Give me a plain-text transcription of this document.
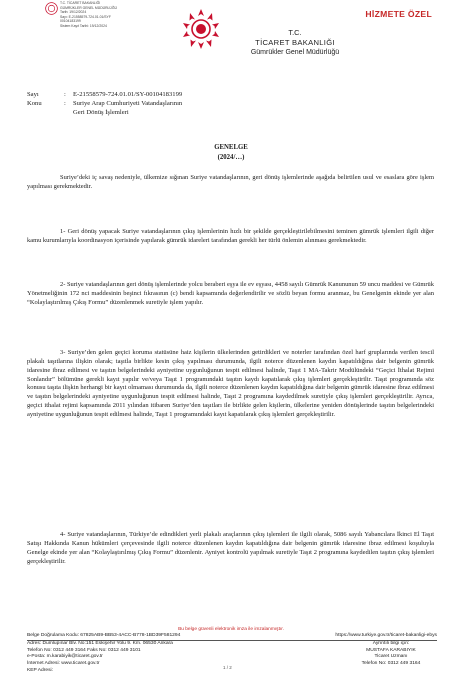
T.C. TİCARET BAKANLIĞI
GÜMRÜKLER GENEL MÜDÜRLÜĞÜ
Tarih: 19/12/2024
Sayı: E-21558579-724.01.01/SYF
00104183199
Sistem Kayıt Tarihi: 19/12/2024
HİZMETE ÖZEL
T.C.
TİCARET BAKANLIĞI
Gümrükler Genel Müdürlüğü
Sayı	:	E-21558579-724.01.01/SY-00104183199
Konu	:	Suriye Arap Cumhuriyeti Vatandaşlarının
Geri Dönüş İşlemleri
GENELGE
(2024/…)

Suriye’deki iç savaş nedeniyle, ülkemize sığınan Suriye vatandaşlarının, geri dönüş işlemlerinde aşağıda belirtilen usul ve esaslara göre işlem yapılması gerekmektedir.

1- Geri dönüş yapacak Suriye vatandaşlarının çıkış işlemlerinin hızlı bir şekilde gerçekleştirilebilmesini teminen gümrük işlemleri ilgili diğer kamu kurumlarıyla koordinasyon içerisinde yapılarak gümrük idareleri tarafından gerekli her türlü önlemin alınması gerekmektedir.

2- Suriye vatandaşlarının geri dönüş işlemlerinde yolcu beraberi eşya ile ev eşyası, 4458 sayılı Gümrük Kanununun 59 uncu maddesi ve Gümrük Yönetmeliğinin 172 nci maddesinin beşinci fıkrasının (c) bendi kapsamında değerlendirilir ve sözlü beyan formu aranmaz, bu Genelgenin ekinde yer alan “Kolaylaştırılmış Çıkış Formu” düzenlenmek suretiyle işlem yapılır.

3- Suriye’den gelen geçici koruma statüsüne haiz kişilerin ülkelerinden getirdikleri ve noterler tarafından özel harf gruplarında verilen tescil plakalı taşıtlarına ilişkin olarak; taşıtla birlikte kesin çıkış yapılması durumunda, ilgili noterce düzenlenen kaydın kapatıldığına dair belgenin gümrük idaresine ibraz edilmesi ve taşıtın belgelerindeki ayniyetine uygunluğunun tespit edilmesi halinde, Taşıt 1 MA-Takrir Modülündeki “Geçici İthalat Rejimi Sonlandır” bölümüne gerekli kayıt yapılır ve/veya Taşıt 1 programındaki taşıtın kaydı kapatılarak çıkış işlemleri gerçekleştirilir. Taşıt programında söz konusu taşıta ilişkin herhangi bir kayıt olmaması durumunda da, ilgili noterce düzenlenen kaydın kapatıldığına dair belgenin gümrük idaresine ibraz edilmesi ve taşıtın belgelerindeki ayniyetine uygunluğunun tespit edilmesi halinde, Taşıt 2 programına kaydedilmek suretiyle çıkış işlemleri gerçekleştirilir. Ayrıca, geçici ithalat rejimi kapsamında 2011 yılından itibaren Suriye’den taşıtları ile birlikte gelen kişilerin, ülkelerine yeniden dönüşlerinde taşıtın belgelerindeki ayniyetine uygunluğunun tespit edilmesi halinde, Taşıt 1 programındaki kayıt kapatılarak çıkış işlemleri gerçekleştirilir.

4- Suriye vatandaşlarının, Türkiye’de edindikleri yerli plakalı araçlarının çıkış işlemleri ile ilgili olarak, 5086 sayılı Yabancılara İkinci El Taşıt Satışı Hakkında Kanun hükümleri çerçevesinde ilgili noterce düzenlenen kaydın kapatıldığına dair belgenin gümrük idaresine ibraz edilmesi koşuluyla Genelge ekinde yer alan “Kolaylaştırılmış Çıkış Formu” düzenlenir. Ayniyet kontrolü yapılmak suretiyle Taşıt 2 programına kaydedilen taşıtın çıkış işlemleri gerçekleştirilir.

Bu belge güvenli elektronik imza ile imzalanmıştır.
Belge Doğrulama Kodu: 67825AB9-BB53-4ACC-B778-1BD39F581294	https://www.turkiye.gov.tr/ticaret-bakanligi-ebys
Adres: Dumlupınar Blv. No:151 Eskişehir Yolu 9. Km. 06530 Ankara
Telefon No: 0312 449 3164 Faks No: 0312 449 3101
e-Posta: m.karabiyik@ticaret.gov.tr
İnternet Adresi: www.ticaret.gov.tr
KEP Adresi:
Ayrıntılı bilgi için:
MUSTAFA KARABIYIK
Ticaret Uzmanı
Telefon No: 0312 449 3164
1 / 2
